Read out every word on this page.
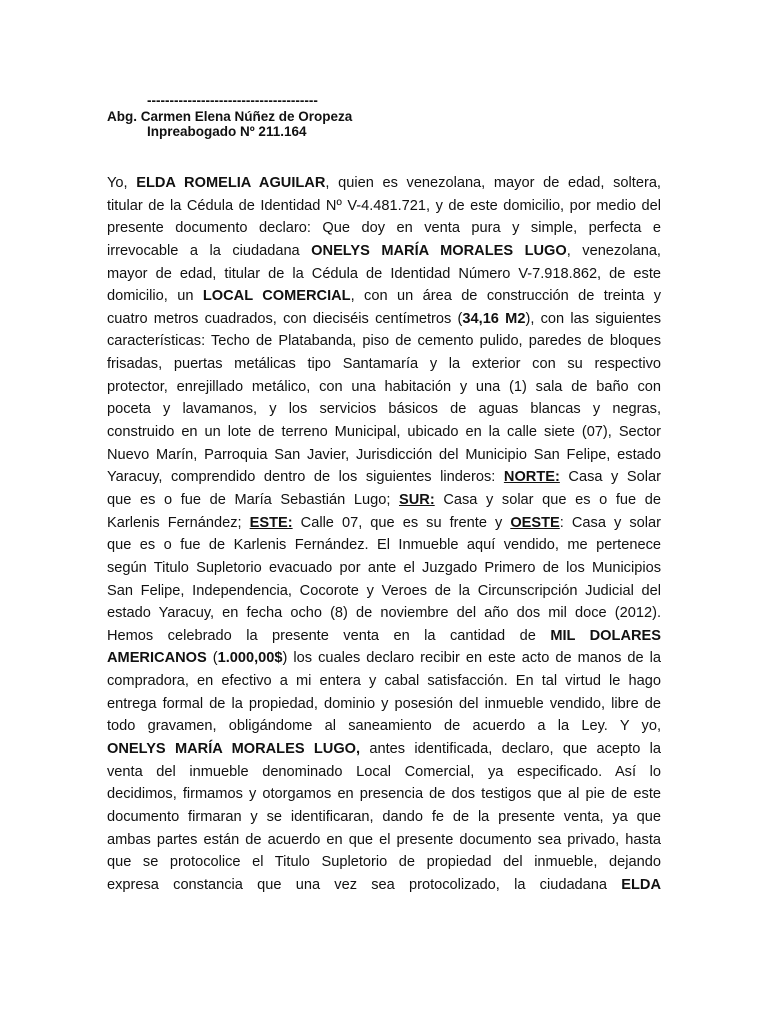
--------------------------------------
Abg. Carmen Elena Núñez de Oropeza
Inpreabogado Nº 211.164
Yo, ELDA ROMELIA AGUILAR, quien es venezolana, mayor de edad, soltera,
titular de la Cédula de Identidad Nº V-4.481.721, y de este domicilio, por medio del
presente documento declaro: Que doy en venta pura y simple, perfecta e
irrevocable a la ciudadana ONELYS MARÍA MORALES LUGO, venezolana,
mayor de edad, titular de la Cédula de Identidad Número V-7.918.862, de este
domicilio, un LOCAL COMERCIAL, con un área de construcción de treinta y
cuatro metros cuadrados, con dieciséis centímetros (34,16 M2), con las siguientes
características: Techo de Platabanda, piso de cemento pulido, paredes de bloques
frisadas, puertas metálicas tipo Santamaría y la exterior con su respectivo
protector, enrejillado metálico, con una habitación y una (1) sala de baño con
poceta y lavamanos, y los servicios básicos de aguas blancas y negras,
construido en un lote de terreno Municipal, ubicado en la calle siete (07), Sector
Nuevo Marín, Parroquia San Javier, Jurisdicción del Municipio San Felipe, estado
Yaracuy, comprendido dentro de los siguientes linderos: NORTE: Casa y Solar
que es o fue de María Sebastián Lugo; SUR: Casa y solar que es o fue de
Karlenis Fernández; ESTE: Calle 07, que es su frente y OESTE: Casa y solar
que es o fue de Karlenis Fernández. El Inmueble aquí vendido, me pertenece
según Titulo Supletorio evacuado por ante el Juzgado Primero de los Municipios
San Felipe, Independencia, Cocorote y Veroes de la Circunscripción Judicial del
estado Yaracuy, en fecha ocho (8) de noviembre del año dos mil doce (2012).
Hemos celebrado la presente venta en la cantidad de MIL DOLARES
AMERICANOS (1.000,00$) los cuales declaro recibir en este acto de manos de la
compradora, en efectivo a mi entera y cabal satisfacción. En tal virtud le hago
entrega formal de la propiedad, dominio y posesión del inmueble vendido, libre de
todo gravamen, obligándome al saneamiento de acuerdo a la Ley. Y yo,
ONELYS MARÍA MORALES LUGO, antes identificada, declaro, que acepto la
venta del inmueble denominado Local Comercial, ya especificado. Así lo
decidimos, firmamos y otorgamos en presencia de dos testigos que al pie de este
documento firmaran y se identificaran, dando fe de la presente venta, ya que
ambas partes están de acuerdo en que el presente documento sea privado, hasta
que se protocolice el Titulo Supletorio de propiedad del inmueble, dejando
expresa constancia que una vez sea protocolizado, la ciudadana ELDA
